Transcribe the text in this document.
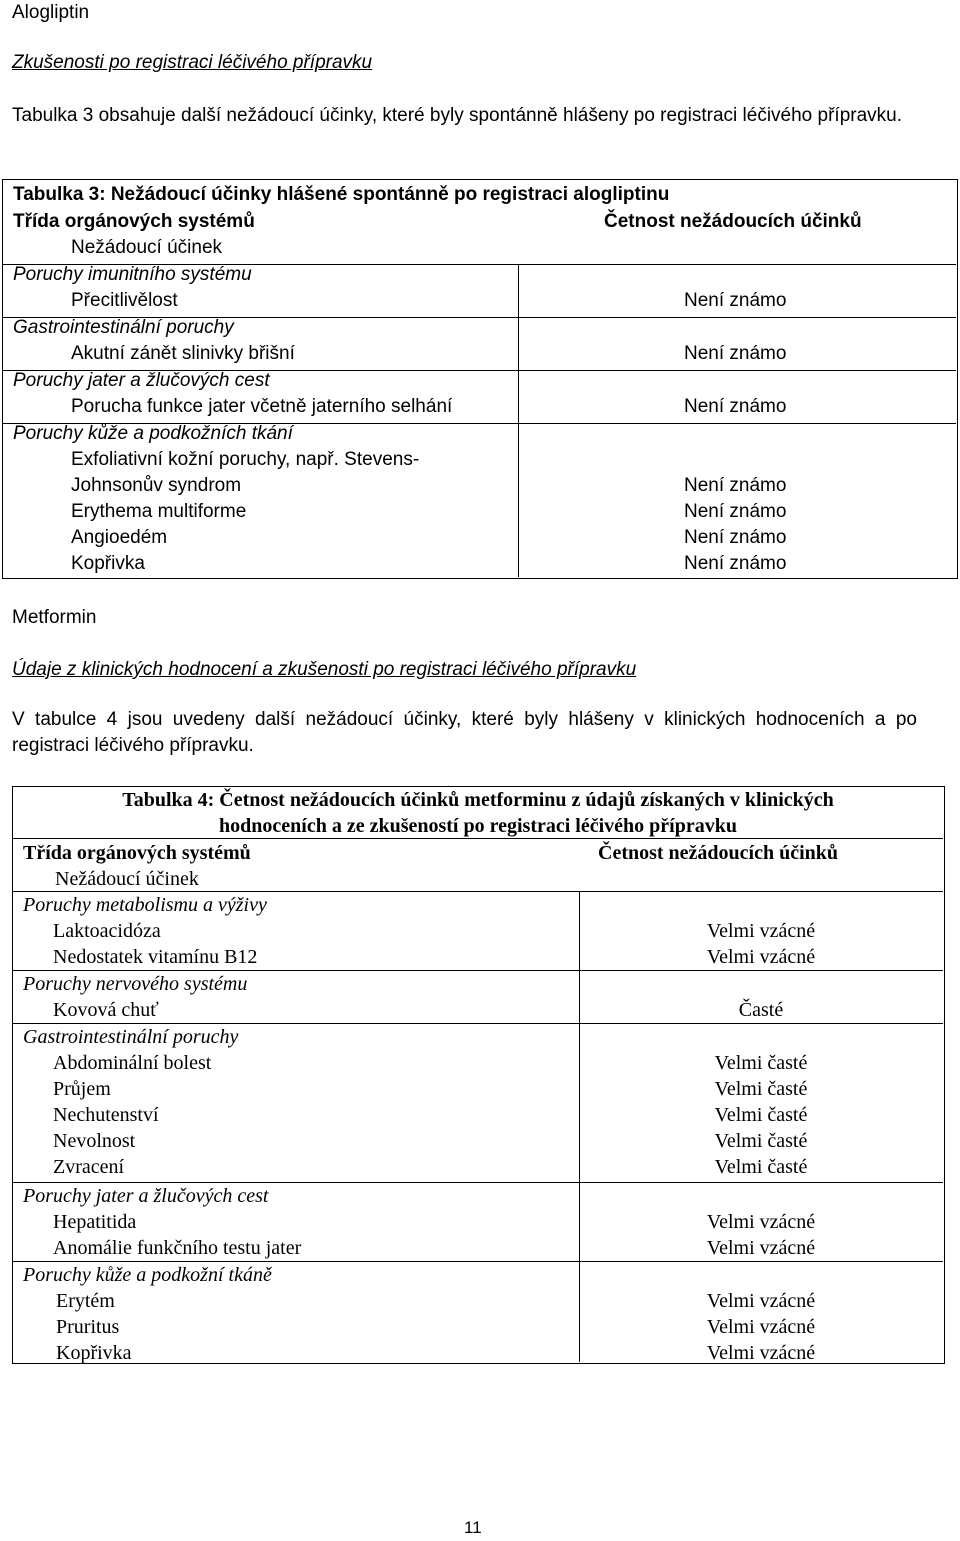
Alogliptin
Zkušenosti po registraci léčivého přípravku
Tabulka 3 obsahuje další nežádoucí účinky, které byly spontánně hlášeny po registraci léčivého přípravku.
Tabulka 3: Nežádoucí účinky hlášené spontánně po registraci alogliptinu
Třída orgánových systémů	Četnost nežádoucích účinků
Nežádoucí účinek
Poruchy imunitního systému
Přecitlivělost	Není známo
Gastrointestinální poruchy
Akutní zánět slinivky břišní	Není známo
Poruchy jater a žlučových cest
Porucha funkce jater včetně jaterního selhání	Není známo
Poruchy kůže a podkožních tkání
Exfoliativní kožní poruchy, např. Stevens-
Johnsonův syndrom	Není známo
Erythema multiforme	Není známo
Angioedém	Není známo
Kopřivka	Není známo
Metformin
Údaje z klinických hodnocení a zkušenosti po registraci léčivého přípravku
V tabulce 4 jsou uvedeny další nežádoucí účinky, které byly hlášeny v klinických hodnoceních a po registraci léčivého přípravku.
Tabulka 4: Četnost nežádoucích účinků metforminu z údajů získaných v klinických
hodnoceních a ze zkušeností po registraci léčivého přípravku
Třída orgánových systémů	Četnost nežádoucích účinků
Nežádoucí účinek
Poruchy metabolismu a výživy
Laktoacidóza	Velmi vzácné
Nedostatek vitamínu B12	Velmi vzácné
Poruchy nervového systému
Kovová chuť	Časté
Gastrointestinální poruchy
Abdominální bolest	Velmi časté
Průjem	Velmi časté
Nechutenství	Velmi časté
Nevolnost	Velmi časté
Zvracení	Velmi časté
Poruchy jater a žlučových cest
Hepatitida	Velmi vzácné
Anomálie funkčního testu jater	Velmi vzácné
Poruchy kůže a podkožní tkáně
Erytém	Velmi vzácné
Pruritus	Velmi vzácné
Kopřivka	Velmi vzácné
11
